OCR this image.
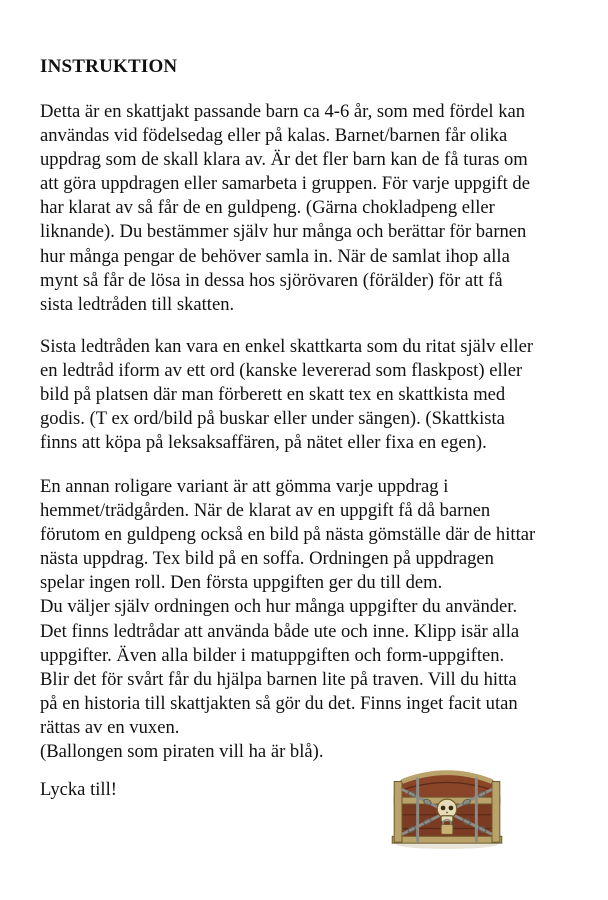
INSTRUKTION

Detta är en skattjakt passande barn ca 4-6 år, som med fördel kan
användas vid födelsedag eller på kalas. Barnet/barnen får olika
uppdrag som de skall klara av. Är det fler barn kan de få turas om
att göra uppdragen eller samarbeta i gruppen. För varje uppgift de
har klarat av så får de en guldpeng. (Gärna chokladpeng eller
liknande). Du bestämmer själv hur många och berättar för barnen
hur många pengar de behöver samla in. När de samlat ihop alla
mynt så får de lösa in dessa hos sjörövaren (förälder) för att få
sista ledtråden till skatten.

Sista ledtråden kan vara en enkel skattkarta som du ritat själv eller
en ledtråd iform av ett ord (kanske levererad som flaskpost) eller
bild på platsen där man förberett en skatt tex en skattkista med
godis. (T ex ord/bild på buskar eller under sängen). (Skattkista
finns att köpa på leksaksaffären, på nätet eller fixa en egen).

En annan roligare variant är att gömma varje uppdrag i
hemmet/trädgården. När de klarat av en uppgift få då barnen
förutom en guldpeng också en bild på nästa gömställe där de hittar
nästa uppdrag. Tex bild på en soffa. Ordningen på uppdragen
spelar ingen roll. Den första uppgiften ger du till dem.
Du väljer själv ordningen och hur många uppgifter du använder.
Det finns ledtrådar att använda både ute och inne. Klipp isär alla
uppgifter. Även alla bilder i matuppgiften och form-uppgiften.
Blir det för svårt får du hjälpa barnen lite på traven. Vill du hitta
på en historia till skattjakten så gör du det. Finns inget facit utan
rättas av en vuxen.
(Ballongen som piraten vill ha är blå).

Lycka till!
